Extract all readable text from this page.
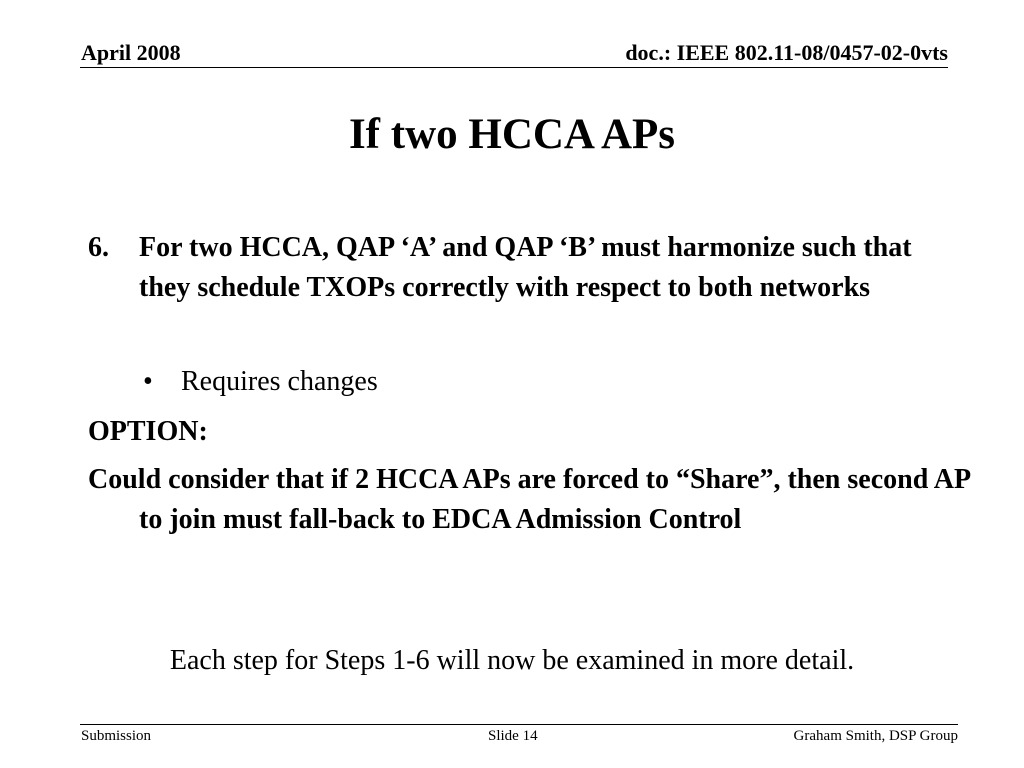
April 2008	doc.: IEEE 802.11-08/0457-02-0vts
If two HCCA APs
6. For two HCCA, QAP ‘A’ and QAP ‘B’ must harmonize such that they schedule TXOPs correctly with respect to both networks
• Requires changes
OPTION:
Could consider that if 2 HCCA APs are forced to “Share”, then second AP to join must fall-back to EDCA Admission Control
Each step for Steps 1-6 will now be examined in more detail.
Submission	Slide 14	Graham Smith, DSP Group
